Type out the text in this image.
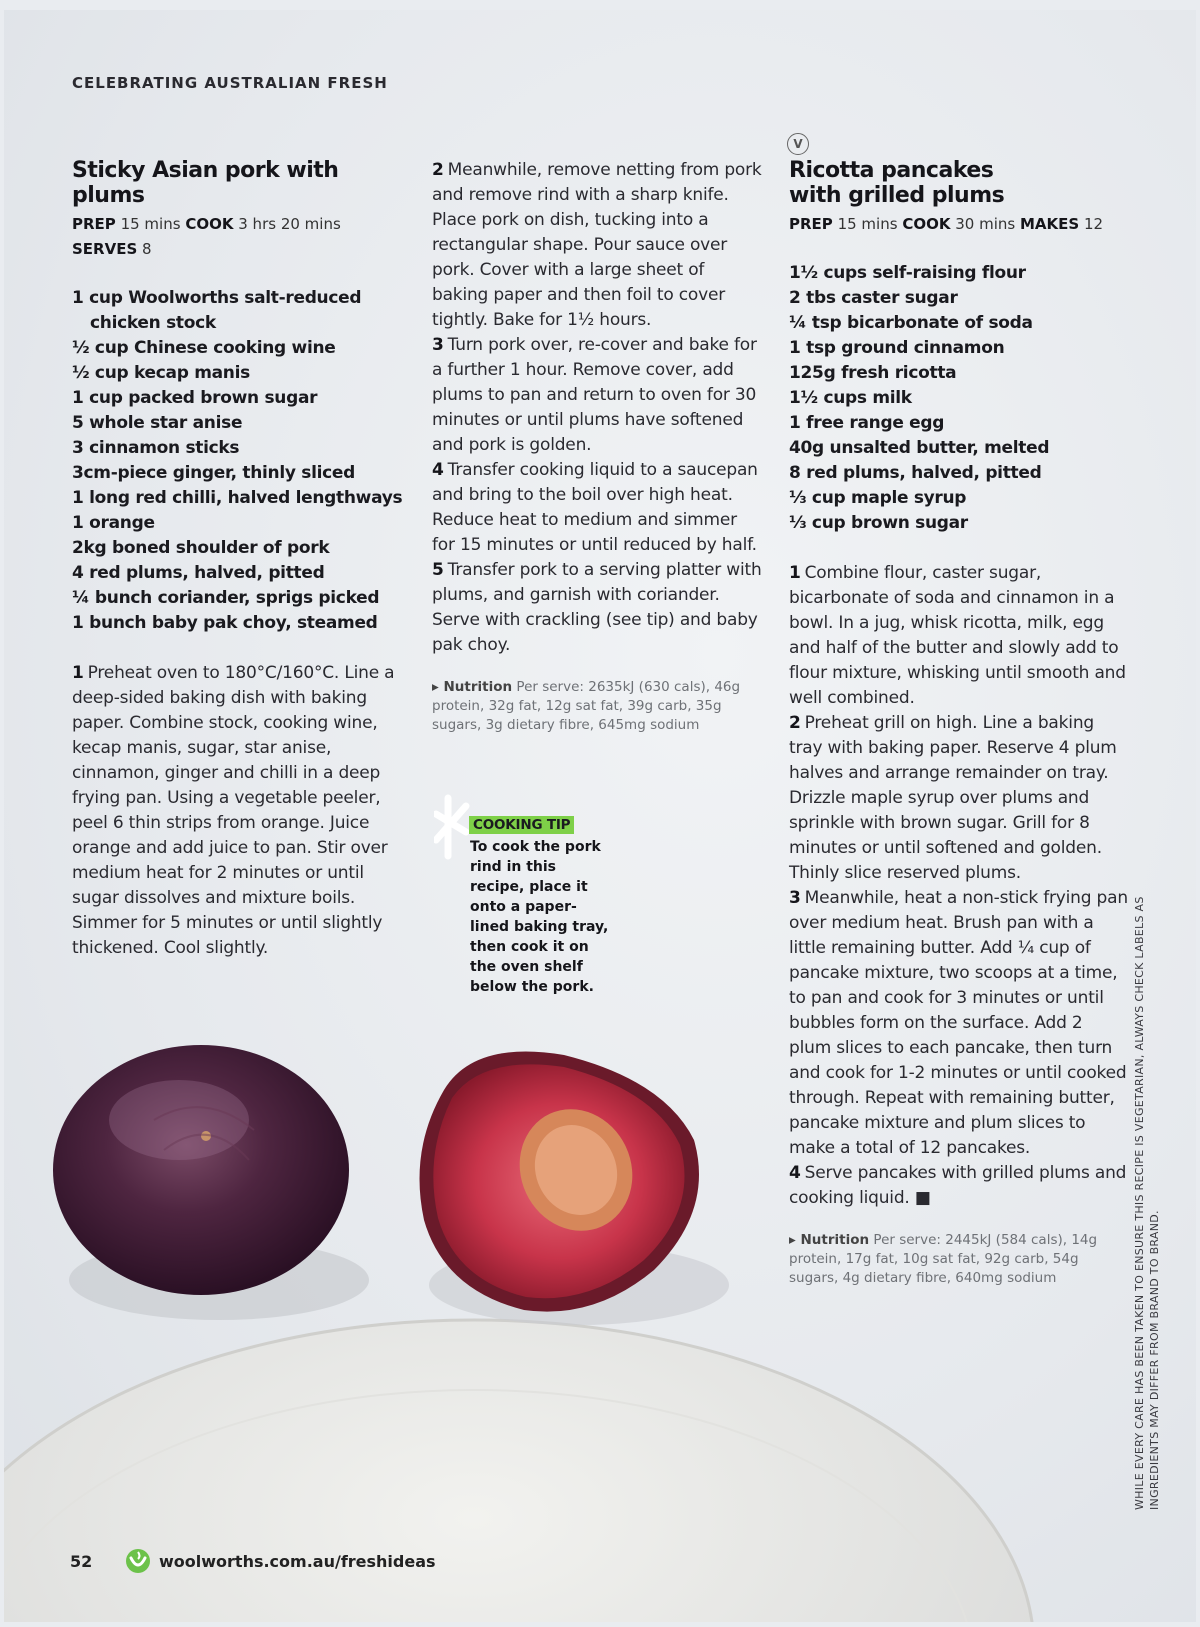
CELEBRATING AUSTRALIAN FRESH
Sticky Asian pork with plums
PREP 15 mins COOK 3 hrs 20 mins
SERVES 8
1 cup Woolworths salt-reduced chicken stock
½ cup Chinese cooking wine
½ cup kecap manis
1 cup packed brown sugar
5 whole star anise
3 cinnamon sticks
3cm-piece ginger, thinly sliced
1 long red chilli, halved lengthways
1 orange
2kg boned shoulder of pork
4 red plums, halved, pitted
¼ bunch coriander, sprigs picked
1 bunch baby pak choy, steamed

1 Preheat oven to 180°C/160°C. Line a deep-sided baking dish with baking paper. Combine stock, cooking wine, kecap manis, sugar, star anise, cinnamon, ginger and chilli in a deep frying pan. Using a vegetable peeler, peel 6 thin strips from orange. Juice orange and add juice to pan. Stir over medium heat for 2 minutes or until sugar dissolves and mixture boils. Simmer for 5 minutes or until slightly thickened. Cool slightly.

2 Meanwhile, remove netting from pork and remove rind with a sharp knife. Place pork on dish, tucking into a rectangular shape. Pour sauce over pork. Cover with a large sheet of baking paper and then foil to cover tightly. Bake for 1½ hours.

3 Turn pork over, re-cover and bake for a further 1 hour. Remove cover, add plums to pan and return to oven for 30 minutes or until plums have softened and pork is golden.

4 Transfer cooking liquid to a saucepan and bring to the boil over high heat. Reduce heat to medium and simmer for 15 minutes or until reduced by half.

5 Transfer pork to a serving platter with plums, and garnish with coriander. Serve with crackling (see tip) and baby pak choy.

▸ Nutrition Per serve: 2635kJ (630 cals), 46g protein, 32g fat, 12g sat fat, 39g carb, 35g sugars, 3g dietary fibre, 645mg sodium
COOKING TIP
To cook the pork rind in this recipe, place it onto a paper-lined baking tray, then cook it on the oven shelf below the pork.
V
Ricotta pancakes
with grilled plums
PREP 15 mins COOK 30 mins MAKES 12
1½ cups self-raising flour
2 tbs caster sugar
¼ tsp bicarbonate of soda
1 tsp ground cinnamon
125g fresh ricotta
1½ cups milk
1 free range egg
40g unsalted butter, melted
8 red plums, halved, pitted
⅓ cup maple syrup
⅓ cup brown sugar

1 Combine flour, caster sugar, bicarbonate of soda and cinnamon in a bowl. In a jug, whisk ricotta, milk, egg and half of the butter and slowly add to flour mixture, whisking until smooth and well combined.

2 Preheat grill on high. Line a baking tray with baking paper. Reserve 4 plum halves and arrange remainder on tray. Drizzle maple syrup over plums and sprinkle with brown sugar. Grill for 8 minutes or until softened and golden. Thinly slice reserved plums.

3 Meanwhile, heat a non-stick frying pan over medium heat. Brush pan with a little remaining butter. Add ¼ cup of pancake mixture, two scoops at a time, to pan and cook for 3 minutes or until bubbles form on the surface. Add 2 plum slices to each pancake, then turn and cook for 1-2 minutes or until cooked through. Repeat with remaining butter, pancake mixture and plum slices to make a total of 12 pancakes.

4 Serve pancakes with grilled plums and cooking liquid. ■

▸ Nutrition Per serve: 2445kJ (584 cals), 14g protein, 17g fat, 10g sat fat, 92g carb, 54g sugars, 4g dietary fibre, 640mg sodium	WHILE EVERY CARE HAS BEEN TAKEN TO ENSURE THIS RECIPE IS VEGETARIAN, ALWAYS CHECK LABELS AS INGREDIENTS MAY DIFFER FROM BRAND TO BRAND.
52	woolworths.com.au/freshideas
